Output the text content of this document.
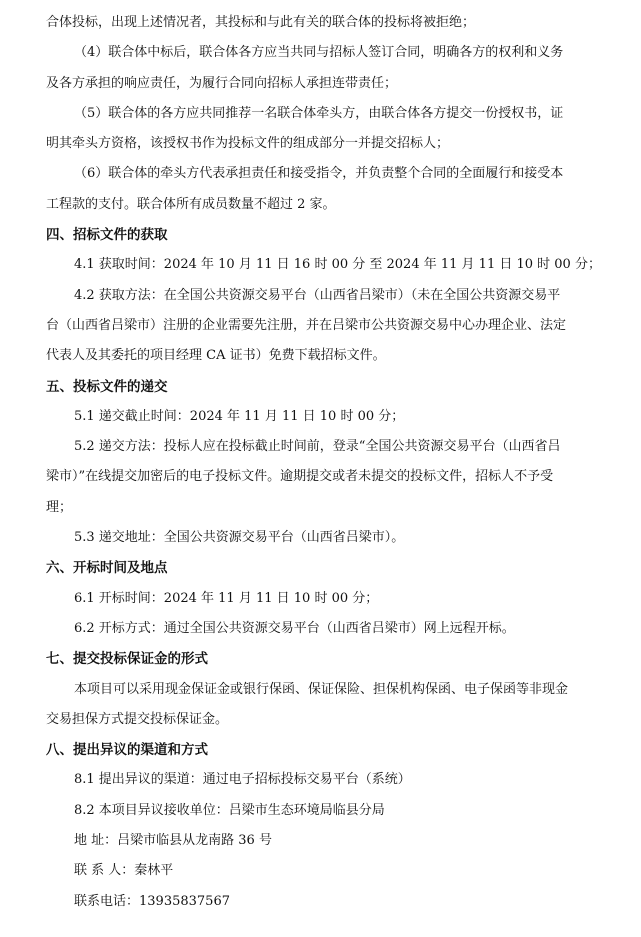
合体投标，出现上述情况者，其投标和与此有关的联合体的投标将被拒绝；
（4）联合体中标后，联合体各方应当共同与招标人签订合同，明确各方的权利和义务
及各方承担的响应责任，为履行合同向招标人承担连带责任；
（5）联合体的各方应共同推荐一名联合体牵头方，由联合体各方提交一份授权书，证
明其牵头方资格，该授权书作为投标文件的组成部分一并提交招标人；
（6）联合体的牵头方代表承担责任和接受指令，并负责整个合同的全面履行和接受本
工程款的支付。联合体所有成员数量不超过 2 家。
四、招标文件的获取
4.1 获取时间：2024 年 10 月 11 日 16 时 00 分 至 2024 年 11 月 11 日 10 时 00 分；
4.2 获取方法：在全国公共资源交易平台（山西省吕梁市）（未在全国公共资源交易平
台（山西省吕梁市）注册的企业需要先注册，并在吕梁市公共资源交易中心办理企业、法定
代表人及其委托的项目经理 CA 证书）免费下载招标文件。
五、投标文件的递交
5.1 递交截止时间：2024 年 11 月 11 日 10 时 00 分；
5.2 递交方法：投标人应在投标截止时间前，登录“全国公共资源交易平台（山西省吕
梁市）”在线提交加密后的电子投标文件。逾期提交或者未提交的投标文件，招标人不予受
理；
5.3 递交地址：全国公共资源交易平台（山西省吕梁市）。
六、开标时间及地点
6.1 开标时间：2024 年 11 月 11 日 10 时 00 分；
6.2 开标方式：通过全国公共资源交易平台（山西省吕梁市）网上远程开标。
七、提交投标保证金的形式
本项目可以采用现金保证金或银行保函、保证保险、担保机构保函、电子保函等非现金
交易担保方式提交投标保证金。
八、提出异议的渠道和方式
8.1 提出异议的渠道：通过电子招标投标交易平台（系统）
8.2 本项目异议接收单位：吕梁市生态环境局临县分局
地 址：吕梁市临县从龙南路 36 号
联 系 人：秦林平
联系电话：13935837567
